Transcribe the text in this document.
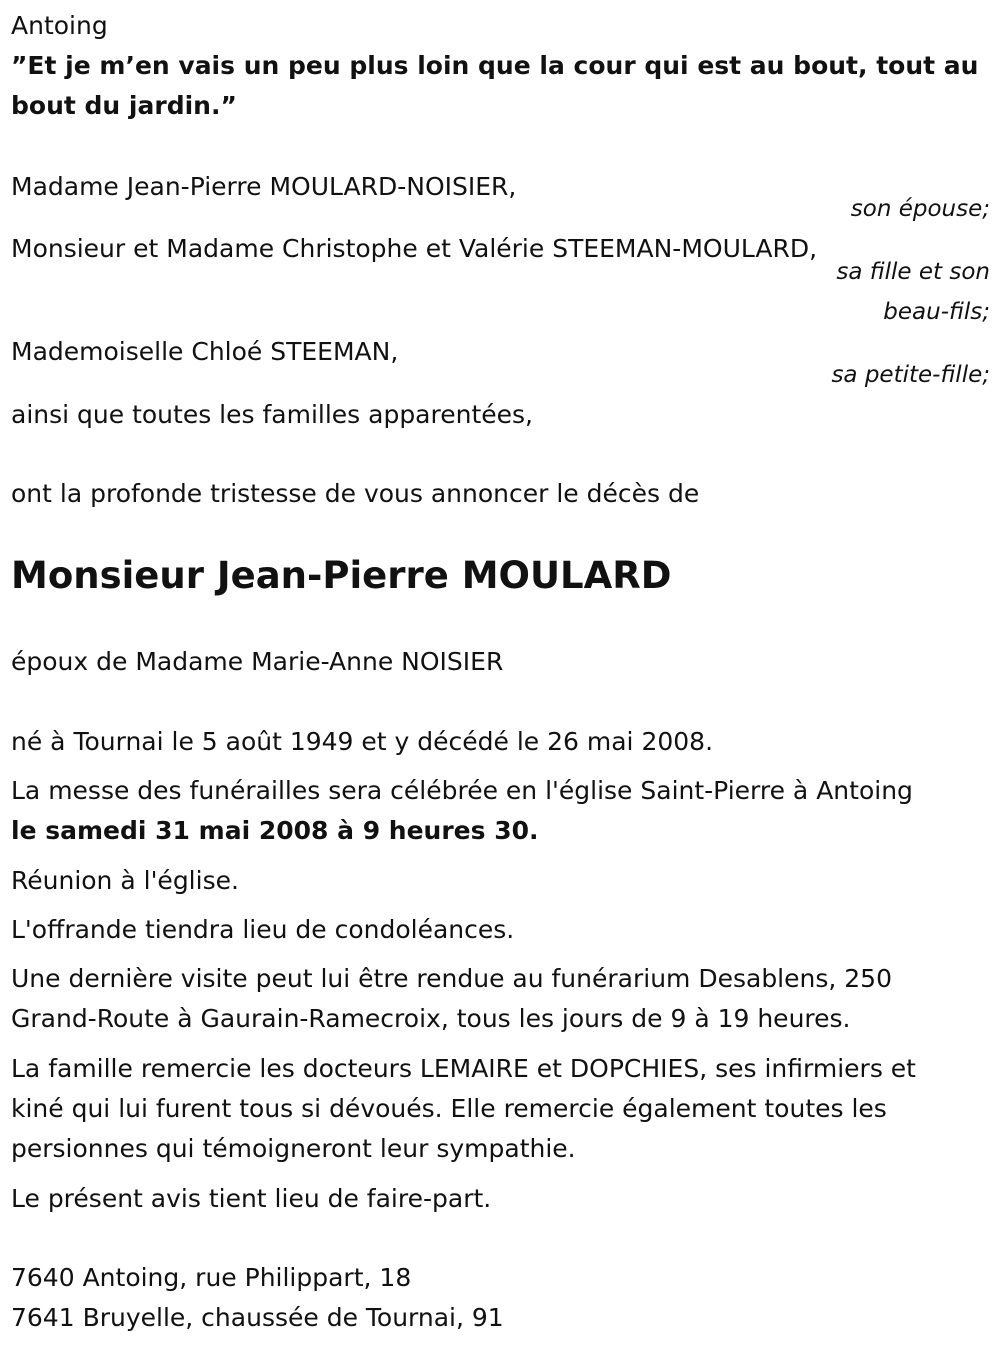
Antoing
”Et je m’en vais un peu plus loin que la cour qui est au bout, tout au
bout du jardin.”
Madame Jean-Pierre MOULARD-NOISIER,
son épouse;
Monsieur et Madame Christophe et Valérie STEEMAN-MOULARD,
sa fille et son
beau-fils;
Mademoiselle Chloé STEEMAN,
sa petite-fille;
ainsi que toutes les familles apparentées,
ont la profonde tristesse de vous annoncer le décès de
Monsieur Jean-Pierre MOULARD
époux de Madame Marie-Anne NOISIER
né à Tournai le 5 août 1949 et y décédé le 26 mai 2008.
La messe des funérailles sera célébrée en l'église Saint-Pierre à Antoing
le samedi 31 mai 2008 à 9 heures 30.
Réunion à l'église.
L'offrande tiendra lieu de condoléances.
Une dernière visite peut lui être rendue au funérarium Desablens, 250
Grand-Route à Gaurain-Ramecroix, tous les jours de 9 à 19 heures.
La famille remercie les docteurs LEMAIRE et DOPCHIES, ses infirmiers et
kiné qui lui furent tous si dévoués. Elle remercie également toutes les
persionnes qui témoigneront leur sympathie.
Le présent avis tient lieu de faire-part.
7640 Antoing, rue Philippart, 18
7641 Bruyelle, chaussée de Tournai, 91
